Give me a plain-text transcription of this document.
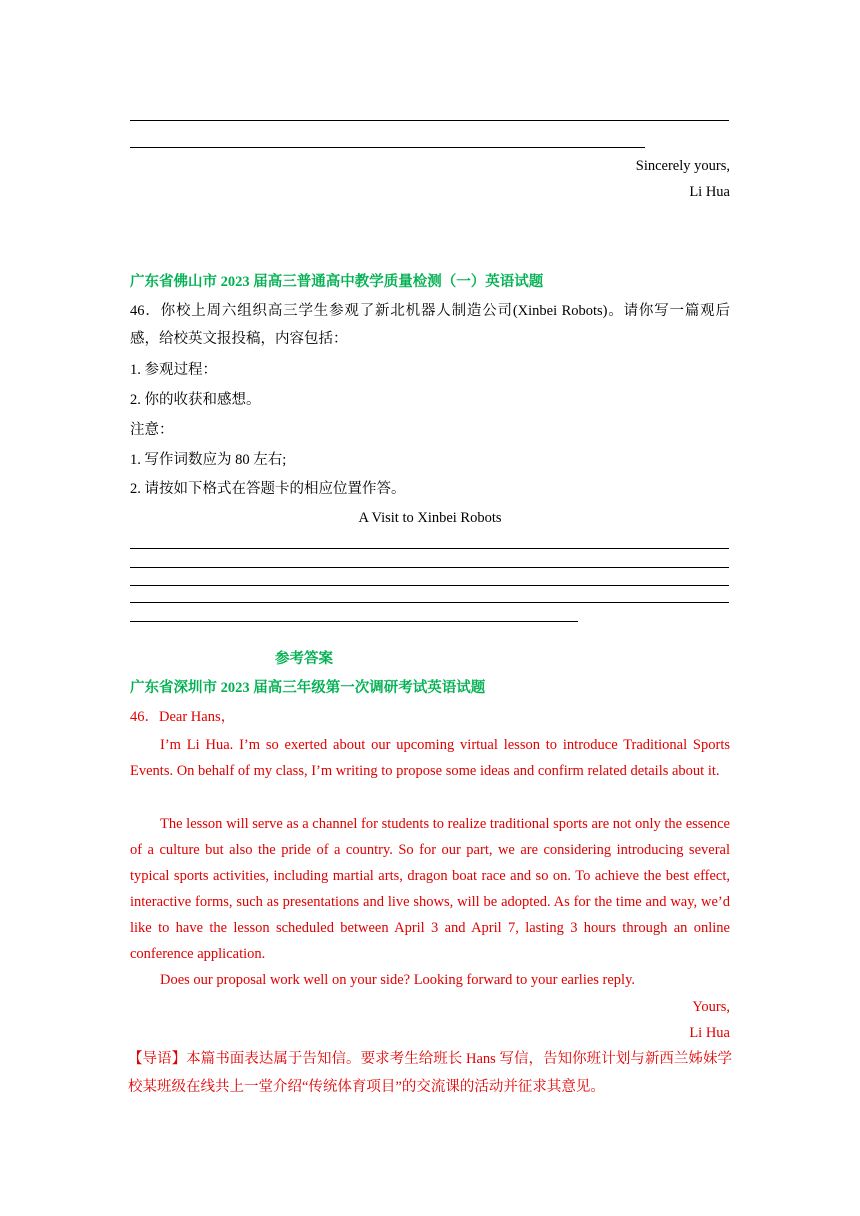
Sincerely yours,
Li Hua
广东省佛山市 2023 届高三普通高中教学质量检测（一）英语试题
46．你校上周六组织高三学生参观了新北机器人制造公司(Xinbei Robots)。请你写一篇观后感，给校英文报投稿，内容包括：
1. 参观过程：
2. 你的收获和感想。
注意：
1. 写作词数应为 80 左右;
2. 请按如下格式在答题卡的相应位置作答。
A Visit to Xinbei Robots
参考答案
广东省深圳市 2023 届高三年级第一次调研考试英语试题
46．Dear Hans，
I’m Li Hua. I’m so exerted about our upcoming virtual lesson to introduce Traditional Sports Events. On behalf of my class, I’m writing to propose some ideas and confirm related details about it.
The lesson will serve as a channel for students to realize traditional sports are not only the essence of a culture but also the pride of a country. So for our part, we are considering introducing several typical sports activities, including martial arts, dragon boat race and so on. To achieve the best effect, interactive forms, such as presentations and live shows, will be adopted. As for the time and way, we’d like to have the lesson scheduled between April 3 and April 7, lasting 3 hours through an online conference application.
Does our proposal work well on your side? Looking forward to your earlies reply.
Yours,
Li Hua
【导语】本篇书面表达属于告知信。要求考生给班长 Hans 写信，告知你班计划与新西兰姊妹学校某班级在线共上一堂介绍“传统体育项目”的交流课的活动并征求其意见。
